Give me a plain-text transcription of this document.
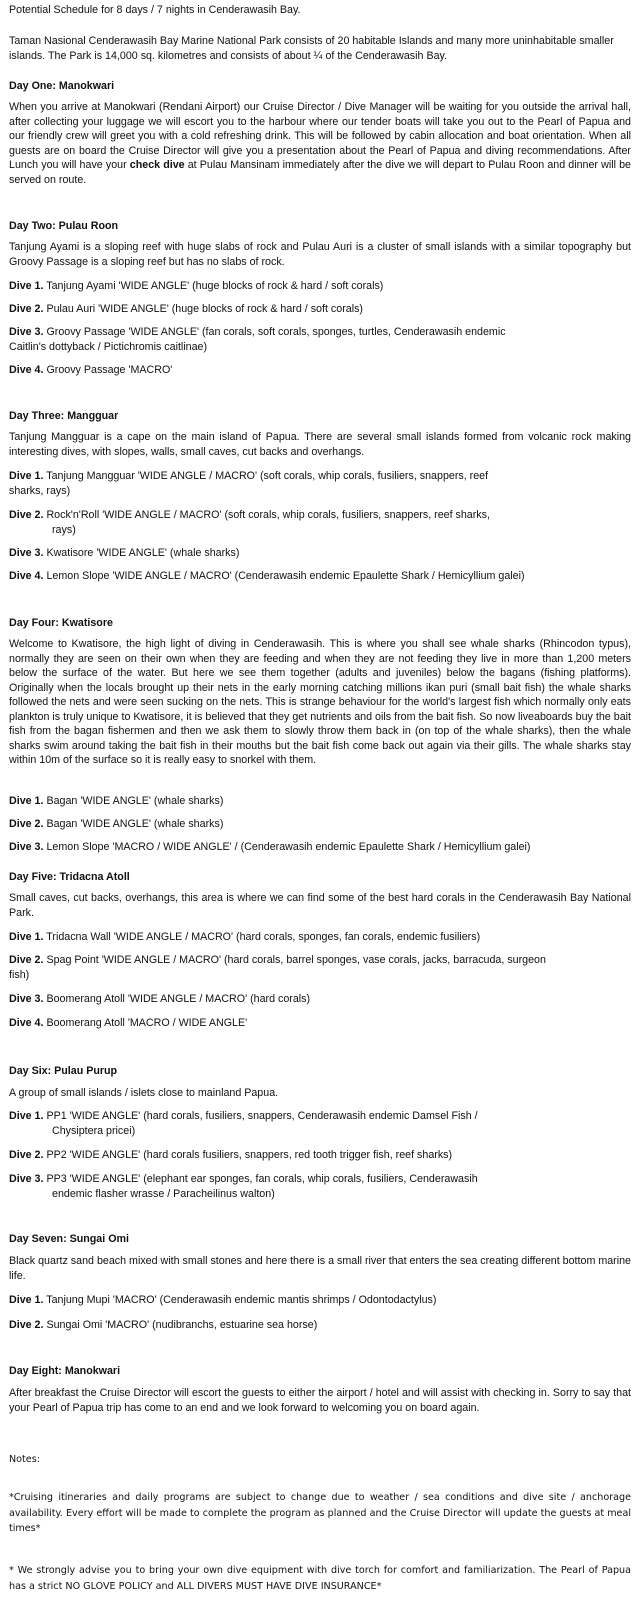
Potential Schedule for 8 days / 7 nights in Cenderawasih Bay.

Taman Nasional Cenderawasih Bay Marine National Park consists of 20 habitable Islands and many more uninhabitable smaller islands. The Park is 14,000 sq. kilometres and consists of about ¼ of the Cenderawasih Bay.

Day One: Manokwari

When you arrive at Manokwari (Rendani Airport) our Cruise Director / Dive Manager will be waiting for you outside the arrival hall, after collecting your luggage we will escort you to the harbour where our tender boats will take you out to the Pearl of Papua and our friendly crew will greet you with a cold refreshing drink. This will be followed by cabin allocation and boat orientation. When all guests are on board the Cruise Director will give you a presentation about the Pearl of Papua and diving recommendations. After Lunch you will have your check dive at Pulau Mansinam immediately after the dive we will depart to Pulau Roon and dinner will be served on route.

Day Two: Pulau Roon

Tanjung Ayami is a sloping reef with huge slabs of rock and Pulau Auri is a cluster of small islands with a similar topography but Groovy Passage is a sloping reef but has no slabs of rock.

Dive 1. Tanjung Ayami 'WIDE ANGLE' (huge blocks of rock & hard / soft corals)

Dive 2. Pulau Auri 'WIDE ANGLE' (huge blocks of rock & hard / soft corals)

Dive 3. Groovy Passage 'WIDE ANGLE' (fan corals, soft corals, sponges, turtles, Cenderawasih endemic
Caitlin's dottyback / Pictichromis caitlinae)

Dive 4. Groovy Passage 'MACRO'

Day Three: Mangguar

Tanjung Mangguar is a cape on the main island of Papua. There are several small islands formed from volcanic rock making interesting dives, with slopes, walls, small caves, cut backs and overhangs.

Dive 1. Tanjung Mangguar 'WIDE ANGLE / MACRO' (soft corals, whip corals, fusiliers, snappers, reef
sharks, rays)

Dive 2. Rock'n'Roll 'WIDE ANGLE / MACRO' (soft corals, whip corals, fusiliers, snappers, reef sharks,

rays)

Dive 3. Kwatisore 'WIDE ANGLE' (whale sharks)

Dive 4. Lemon Slope 'WIDE ANGLE / MACRO' (Cenderawasih endemic Epaulette Shark / Hemicyllium galei)

Day Four: Kwatisore

Welcome to Kwatisore, the high light of diving in Cenderawasih. This is where you shall see whale sharks (Rhincodon typus), normally they are seen on their own when they are feeding and when they are not feeding they live in more than 1,200 meters below the surface of the water. But here we see them together (adults and juveniles) below the bagans (fishing platforms). Originally when the locals brought up their nets in the early morning catching millions ikan puri (small bait fish) the whale sharks followed the nets and were seen sucking on the nets. This is strange behaviour for the world's largest fish which normally only eats plankton is truly unique to Kwatisore, it is believed that they get nutrients and oils from the bait fish. So now liveaboards buy the bait fish from the bagan fishermen and then we ask them to slowly throw them back in (on top of the whale sharks), then the whale sharks swim around taking the bait fish in their mouths but the bait fish come back out again via their gills. The whale sharks stay within 10m of the surface so it is really easy to snorkel with them.

Dive 1. Bagan 'WIDE ANGLE' (whale sharks)

Dive 2. Bagan 'WIDE ANGLE' (whale sharks)

Dive 3. Lemon Slope 'MACRO / WIDE ANGLE' / (Cenderawasih endemic Epaulette Shark / Hemicyllium galei)

Day Five: Tridacna Atoll

Small caves, cut backs, overhangs, this area is where we can find some of the best hard corals in the Cenderawasih Bay National Park.

Dive 1. Tridacna Wall 'WIDE ANGLE / MACRO' (hard corals, sponges, fan corals, endemic fusiliers)

Dive 2. Spag Point 'WIDE ANGLE / MACRO' (hard corals, barrel sponges, vase corals, jacks, barracuda, surgeon
fish)

Dive 3. Boomerang Atoll 'WIDE ANGLE / MACRO' (hard corals)

Dive 4. Boomerang Atoll 'MACRO / WIDE ANGLE'

Day Six: Pulau Purup

A group of small islands / islets close to mainland Papua.

Dive 1. PP1 'WIDE ANGLE' (hard corals, fusiliers, snappers, Cenderawasih endemic Damsel Fish /

Chysiptera pricei)

Dive 2. PP2 'WIDE ANGLE' (hard corals fusiliers, snappers, red tooth trigger fish, reef sharks)

Dive 3. PP3 'WIDE ANGLE' (elephant ear sponges, fan corals, whip corals, fusiliers, Cenderawasih

endemic flasher wrasse / Paracheilinus walton)

Day Seven: Sungai Omi

Black quartz sand beach mixed with small stones and here there is a small river that enters the sea creating different bottom marine life.

Dive 1. Tanjung Mupi 'MACRO' (Cenderawasih endemic mantis shrimps / Odontodactylus)

Dive 2. Sungai Omi 'MACRO' (nudibranchs, estuarine sea horse)

Day Eight: Manokwari

After breakfast the Cruise Director will escort the guests to either the airport / hotel and will assist with checking in. Sorry to say that your Pearl of Papua trip has come to an end and we look forward to welcoming you on board again.

Notes:

*Cruising itineraries and daily programs are subject to change due to weather / sea conditions and dive site / anchorage availability. Every effort will be made to complete the program as planned and the Cruise Director will update the guests at meal times*

* We strongly advise you to bring your own dive equipment with dive torch for comfort and familiarization. The Pearl of Papua has a strict NO GLOVE POLICY and ALL DIVERS MUST HAVE DIVE INSURANCE*
